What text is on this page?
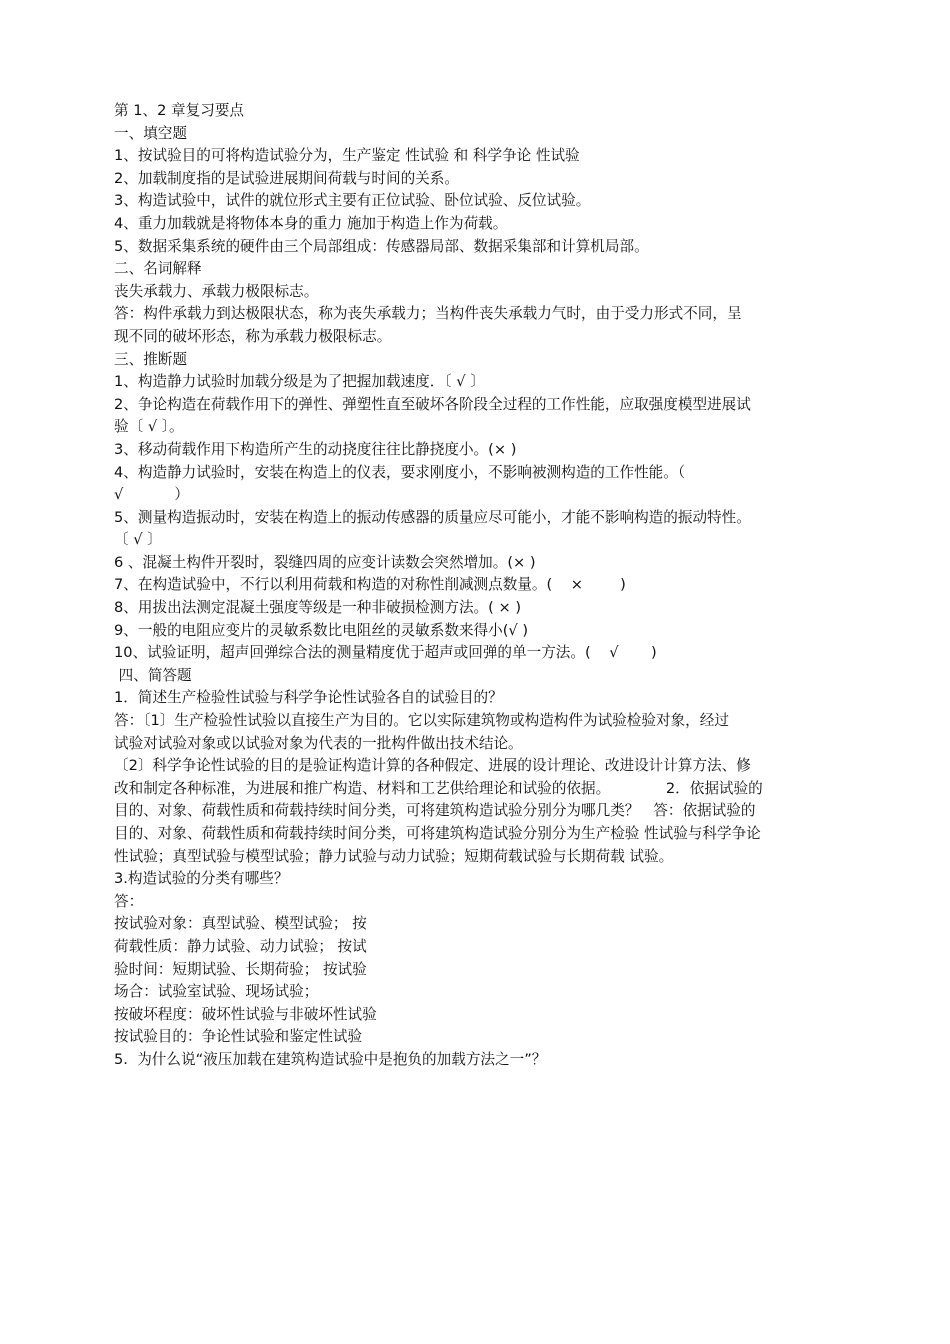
第 1、2 章复习要点

一、填空题

1、按试验目的可将构造试验分为，生产鉴定 性试验 和 科学争论 性试验

2、加载制度指的是试验进展期间荷载与时间的关系。

3、构造试验中，试件的就位形式主要有正位试验、卧位试验、反位试验。

4、重力加载就是将物体本身的重力 施加于构造上作为荷载。

5、数据采集系统的硬件由三个局部组成：传感器局部、数据采集部和计算机局部。

二、名词解释

丧失承载力、承载力极限标志。

答：构件承载力到达极限状态，称为丧失承载力；当构件丧失承载力气时，由于受力形式不同，呈

现不同的破坏形态，称为承载力极限标志。

三、推断题

1、构造静力试验时加载分级是为了把握加载速度．〔 √ 〕

2、争论构造在荷载作用下的弹性、弹塑性直至破坏各阶段全过程的工作性能，应取强度模型进展试

验〔 √ 〕。

3、移动荷载作用下构造所产生的动挠度往往比静挠度小。(× )

4、构造静力试验时，安装在构造上的仪表，要求刚度小，不影响被测构造的工作性能。（

√           ）

5、测量构造振动时，安装在构造上的振动传感器的质量应尽可能小，才能不影响构造的振动特性。

〔 √ 〕

6 、混凝土构件开裂时，裂缝四周的应变计读数会突然增加。(× )

7、在构造试验中，不行以利用荷载和构造的对称性削减测点数量。(    ×        )

8、用拔出法测定混凝土强度等级是一种非破损检测方法。( × )

9、一般的电阻应变片的灵敏系数比电阻丝的灵敏系数来得小(√ )

10、试验证明，超声回弹综合法的测量精度优于超声或回弹的单一方法。(    √       )

四、简答题

1．简述生产检验性试验与科学争论性试验各自的试验目的？

答：〔1〕生产检验性试验以直接生产为目的。它以实际建筑物或构造构件为试验检验对象，经过

试验对试验对象或以试验对象为代表的一批构件做出技术结论。

〔2〕科学争论性试验的目的是验证构造计算的各种假定、进展的设计理论、改进设计计算方法、修

改和制定各种标准，为进展和推广构造、材料和工艺供给理论和试验的依据。            2．依据试验的

目的、对象、荷载性质和荷载持续时间分类，可将建筑构造试验分别分为哪几类？   答：依据试验的

目的、对象、荷载性质和荷载持续时间分类，可将建筑构造试验分别分为生产检验 性试验与科学争论

性试验；真型试验与模型试验；静力试验与动力试验；短期荷载试验与长期荷载 试验。

3.构造试验的分类有哪些？

答：

按试验对象：真型试验、模型试验； 按

荷载性质：静力试验、动力试验； 按试

验时间：短期试验、长期荷验； 按试验

场合：试验室试验、现场试验；

按破坏程度：破坏性试验与非破坏性试验

按试验目的：争论性试验和鉴定性试验

5.  为什么说“液压加载在建筑构造试验中是抱负的加载方法之一”？
